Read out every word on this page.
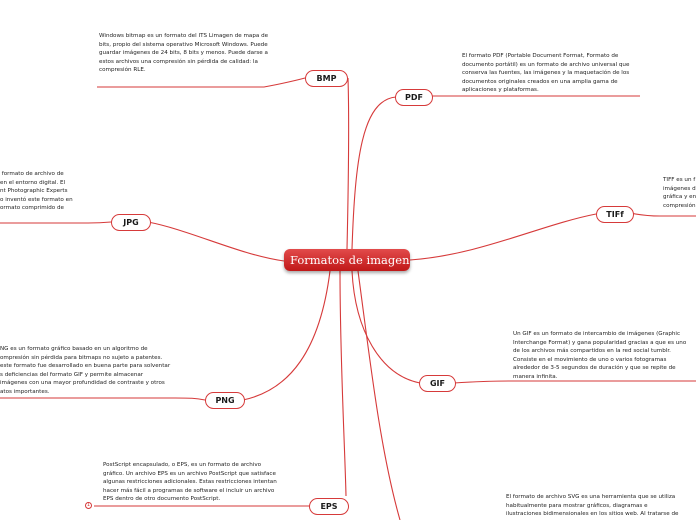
Formatos de imagen
BMP
PDF
JPG
TIFf
PNG
GIF
EPS
Windows bitmap es un formato del ITS Limagen de mapa de
bits, propio del sistema operativo Microsoft Windows. Puede
guardar imágenes de 24 bits, 8 bits y menos. Puede darse a
estos archivos una compresión sin pérdida de calidad: la
compresión RLE.
El formato PDF (Portable Document Format, Formato de
documento portátil) es un formato de archivo universal que
conserva las fuentes, las imágenes y la maquetación de los
documentos originales creados en una amplia gama de
aplicaciones y plataformas.
formato de archivo de
en el entorno digital. El
nt Photographic Experts
o inventó este formato en
ormato comprimido de
TIFF es un f
imágenes d
gráfica y en
compresión
NG es un formato gráfico basado en un algoritmo de
ompresión sin pérdida para bitmaps no sujeto a patentes.
este formato fue desarrollado en buena parte para solventar
s deficiencias del formato GIF y permite almacenar
imágenes con una mayor profundidad de contraste y otros
atos importantes.
Un GIF es un formato de intercambio de imágenes (Graphic
Interchange Format) y gana popularidad gracias a que es uno
de los archivos más compartidos en la red social tumblr.
Consiste en el movimiento de uno o varios fotogramas
alrededor de 3-5 segundos de duración y que se repite de
manera infinita.
PostScript encapsulado, o EPS, es un formato de archivo
gráfico. Un archivo EPS es un archivo PostScript que satisface
algunas restricciones adicionales. Estas restricciones intentan
hacer más fácil a programas de software el incluir un archivo
EPS dentro de otro documento PostScript.	El formato de archivo SVG es una herramienta que se utiliza
habitualmente para mostrar gráficos, diagramas e
ilustraciones bidimensionales en los sitios web. Al tratarse de
1
